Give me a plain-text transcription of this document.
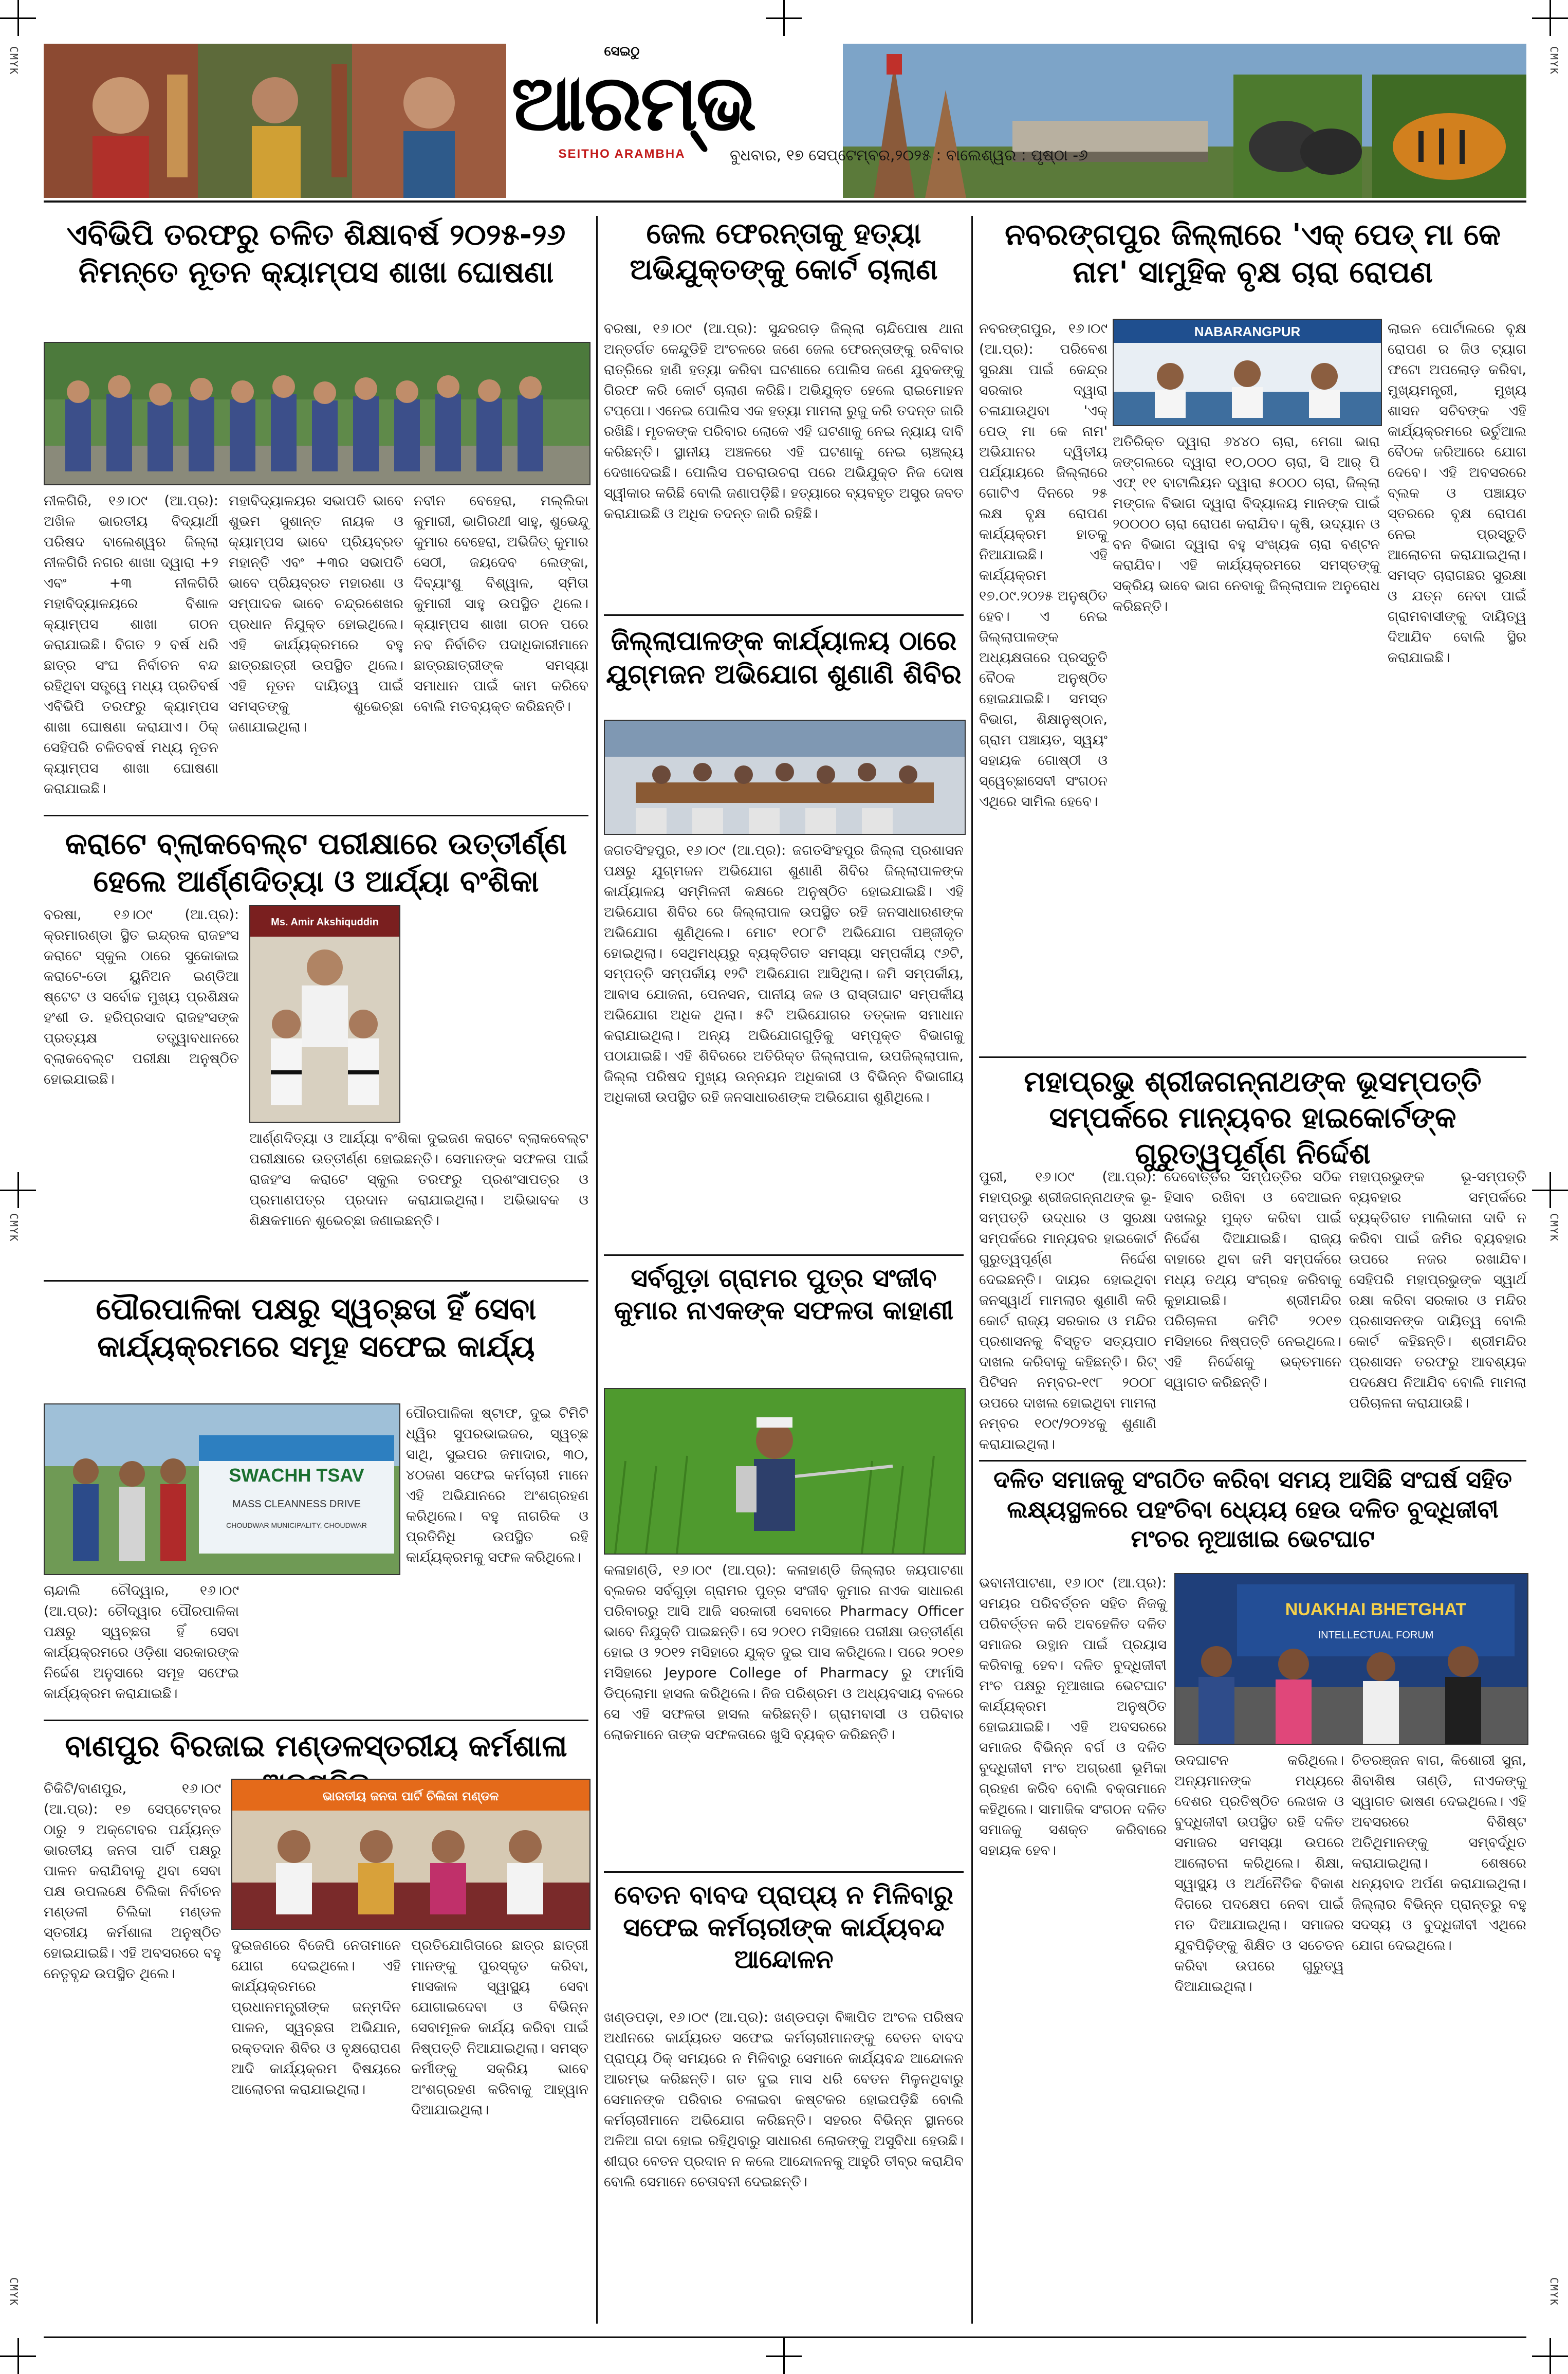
CMYK	CMYK
CMYK	CMYK
CMYK	CMYK
ସେଇଠୁ
ଆରମ୍ଭ
SEITHO ARAMBHA	ବୁଧବାର, ୧୭ ସେପ୍ଟେମ୍ବର,୨୦୨୫ : ବାଲେଶ୍ୱର : ପୃଷ୍ଠା -୬
ଏବିଭିପି ତରଫରୁ ଚଳିତ ଶିକ୍ଷାବର୍ଷ ୨୦୨୫-୨୬ ନିମନ୍ତେ ନୂତନ କ୍ୟାମ୍ପସ ଶାଖା ଘୋଷଣା
ନୀଳଗିରି, ୧୬।୦୯ (ଆ.ପ୍ର): ଅଖିଳ ଭାରତୀୟ ବିଦ୍ୟାର୍ଥୀ ପରିଷଦ ବାଲେଶ୍ୱର ଜିଲ୍ଲା ନୀଳଗିରି ନଗର ଶାଖା ଦ୍ୱାରା +୨ ଏବଂ +୩ ନୀଳଗିରି ମହାବିଦ୍ୟାଳୟରେ ବିଶାଳ କ୍ୟାମ୍ପସ ଶାଖା ଗଠନ କରାଯାଇଛି। ବିଗତ ୨ ବର୍ଷ ଧରି ଛାତ୍ର ସଂଘ ନିର୍ବାଚନ ବନ୍ଦ ରହିଥିବା ସତ୍ତ୍ୱେ ମଧ୍ୟ ପ୍ରତିବର୍ଷ ଏବିଭିପି ତରଫରୁ କ୍ୟାମ୍ପସ ଶାଖା ଘୋଷଣା କରାଯାଏ। ଠିକ୍ ସେହିପରି ଚଳିତବର୍ଷ ମଧ୍ୟ ନୂତନ କ୍ୟାମ୍ପସ ଶାଖା ଘୋଷଣା କରାଯାଇଛି।
ମହାବିଦ୍ୟାଳୟର ସଭାପତି ଭାବେ ଶୁଭମ ସୁଶାନ୍ତ ନାୟକ ଓ କ୍ୟାମ୍ପସ ଭାବେ ପ୍ରିୟବ୍ରତ ମହାନ୍ତି ଏବଂ +୩ର ସଭାପତି ଭାବେ ପ୍ରିୟବ୍ରତ ମହାରଣା ଓ ସମ୍ପାଦକ ଭାବେ ଚନ୍ଦ୍ରଶେଖର ପ୍ରଧାନ ନିଯୁକ୍ତ ହୋଇଥିଲେ। ଏହି କାର୍ଯ୍ୟକ୍ରମରେ ବହୁ ଛାତ୍ରଛାତ୍ରୀ ଉପସ୍ଥିତ ଥିଲେ। ଏହି ନୂତନ ଦାୟିତ୍ୱ ପାଇଁ ସମସ୍ତଙ୍କୁ ଶୁଭେଚ୍ଛା ଜଣାଯାଇଥିଲା।
ନବୀନ ବେହେରା, ମଲ୍ଲିକା କୁମାରୀ, ଭାଗିରଥୀ ସାହୁ, ଶୁଭେନ୍ଦୁ କୁମାର ବେହେରା, ଅଭିଜିତ୍ କୁମାର ସେଠୀ, ଜୟଦେବ ଲେଙ୍କା, ଦିବ୍ୟାଂଶୁ ବିଶ୍ୱାଳ, ସ୍ମିତା କୁମାରୀ ସାହୁ ଉପସ୍ଥିତ ଥିଲେ। କ୍ୟାମ୍ପସ ଶାଖା ଗଠନ ପରେ ନବ ନିର୍ବାଚିତ ପଦାଧିକାରୀମାନେ ଛାତ୍ରଛାତ୍ରୀଙ୍କ ସମସ୍ୟା ସମାଧାନ ପାଇଁ କାମ କରିବେ ବୋଲି ମତବ୍ୟକ୍ତ କରିଛନ୍ତି।
କରାଟେ ବ୍ଲାକବେଲ୍ଟ ପରୀକ୍ଷାରେ ଉତ୍ତୀର୍ଣ୍ଣ ହେଲେ ଆର୍ଣ୍ଣଦିତ୍ୟା ଓ ଆର୍ଯ୍ୟା ବଂଶିକା
ବରଷା, ୧୬।୦୯ (ଆ.ପ୍ର): କ୍ରମାରଣ୍ଡା ସ୍ଥିତ ଇନ୍ଦ୍ରକ ରାଜହଂସ କରାଟେ ସ୍କୁଲ ଠାରେ ସୁକୋକାଇ କରାଟେ-ଡୋ ୟୁନିଅନ ଇଣ୍ଡିଆ ଷ୍ଟେଟ ଓ ସର୍ବୋଚ୍ଚ ମୁଖ୍ୟ ପ୍ରଶିକ୍ଷକ ହଂଶୀ ଡ. ହରିପ୍ରସାଦ ରାଜହଂସଙ୍କ ପ୍ରତ୍ୟକ୍ଷ ତତ୍ତ୍ୱାବଧାନରେ ବ୍ଲାକବେଲ୍ଟ ପରୀକ୍ଷା ଅନୁଷ୍ଠିତ ହୋଇଯାଇଛି।
Ms. Amir Akshiquddin
ଆର୍ଣ୍ଣଦିତ୍ୟା ଓ ଆର୍ଯ୍ୟା ବଂଶିକା ଦୁଇଜଣ କରାଟେ ବ୍ଲାକବେଲ୍ଟ ପରୀକ୍ଷାରେ ଉତ୍ତୀର୍ଣ୍ଣ ହୋଇଛନ୍ତି। ସେମାନଙ୍କ ସଫଳତା ପାଇଁ ରାଜହଂସ କରାଟେ ସ୍କୁଲ ତରଫରୁ ପ୍ରଶଂସାପତ୍ର ଓ ପ୍ରମାଣପତ୍ର ପ୍ରଦାନ କରାଯାଇଥିଲା। ଅଭିଭାବକ ଓ ଶିକ୍ଷକମାନେ ଶୁଭେଚ୍ଛା ଜଣାଇଛନ୍ତି।
ପୌରପାଳିକା ପକ୍ଷରୁ ସ୍ୱଚ୍ଛତା ହିଁ ସେବା କାର୍ଯ୍ୟକ୍ରମରେ ସମୂହ ସଫେଇ କାର୍ଯ୍ୟ
SWACHH TSAV
MASS CLEANNESS DRIVE
CHOUDWAR MUNICIPALITY, CHOUDWAR
ଚାନ୍ଦାଲି ଚୌଦ୍ୱାର, ୧୬।୦୯ (ଆ.ପ୍ର): ଚୌଦ୍ୱାର ପୌରପାଳିକା ପକ୍ଷରୁ ସ୍ୱଚ୍ଛତା ହିଁ ସେବା କାର୍ଯ୍ୟକ୍ରମରେ ଓଡ଼ିଶା ସରକାରଙ୍କ ନିର୍ଦ୍ଦେଶ ଅନୁସାରେ ସମୂହ ସଫେଇ କାର୍ଯ୍ୟକ୍ରମ କରାଯାଇଛି।
ପୌରପାଳିକା ଷ୍ଟାଫ, ଦୁଇ ଟିମିଟି ଧ୍ୱିର ସୁପରଭାଇଜର, ସ୍ୱଚ୍ଛ ସାଥି, ସୁଇପର ଜମାଦାର, ୩୦, ୪୦ଜଣ ସଫେଇ କର୍ମଚାରୀ ମାନେ ଏହି ଅଭିଯାନରେ ଅଂଶଗ୍ରହଣ କରିଥିଲେ। ବହୁ ନାଗରିକ ଓ ପ୍ରତିନିଧି ଉପସ୍ଥିତ ରହି କାର୍ଯ୍ୟକ୍ରମକୁ ସଫଳ କରିଥିଲେ।
ବାଣପୁର ବିରଜାଇ ମଣ୍ଡଳସ୍ତରୀୟ କର୍ମଶାଳା
ଚିକିଟି/ବାଣପୁର, ୧୬।୦୯ (ଆ.ପ୍ର): ୧୭ ସେପ୍ଟେମ୍ବର ଠାରୁ ୨ ଅକ୍ଟୋବର ପର୍ଯ୍ୟନ୍ତ ଭାରତୀୟ ଜନତା ପାର୍ଟି ପକ୍ଷରୁ ପାଳନ କରାଯିବାକୁ ଥିବା ସେବା ପକ୍ଷ ଉପଲକ୍ଷେ ଚିଲିକା ନିର୍ବାଚନ ମଣ୍ଡଳୀ ଚିଲିକା ମଣ୍ଡଳ ସ୍ତରୀୟ କର୍ମଶାଳା ଅନୁଷ୍ଠିତ ହୋଇଯାଇଛି। ଏହି ଅବସରରେ ବହୁ ନେତୃବୃନ୍ଦ ଉପସ୍ଥିତ ଥିଲେ।
ଭାରତୀୟ ଜନତା ପାର୍ଟି ଚିଲିକା ମଣ୍ଡଳ
ଦୁଇଜଣରେ ବିଜେପି ନେତାମାନେ ଯୋଗ ଦେଇଥିଲେ। ଏହି କାର୍ଯ୍ୟକ୍ରମରେ ପ୍ରଧାନମନ୍ତ୍ରୀଙ୍କ ଜନ୍ମଦିନ ପାଳନ, ସ୍ୱଚ୍ଛତା ଅଭିଯାନ, ରକ୍ତଦାନ ଶିବିର ଓ ବୃକ୍ଷରୋପଣ ଆଦି କାର୍ଯ୍ୟକ୍ରମ ବିଷୟରେ ଆଲୋଚନା କରାଯାଇଥିଲା।
ପ୍ରତିଯୋଗିତାରେ ଛାତ୍ର ଛାତ୍ରୀ ମାନଙ୍କୁ ପୁରସ୍କୃତ କରିବା, ମାସକାଳ ସ୍ୱାସ୍ଥ୍ୟ ସେବା ଯୋଗାଇଦେବା ଓ ବିଭିନ୍ନ ସେବାମୂଳକ କାର୍ଯ୍ୟ କରିବା ପାଇଁ ନିଷ୍ପତ୍ତି ନିଆଯାଇଥିଲା। ସମସ୍ତ କର୍ମୀଙ୍କୁ ସକ୍ରିୟ ଭାବେ ଅଂଶଗ୍ରହଣ କରିବାକୁ ଆହ୍ୱାନ ଦିଆଯାଇଥିଲା।
ଜେଲ ଫେରନ୍ତାକୁ ହତ୍ୟା ଅଭିଯୁକ୍ତଙ୍କୁ କୋର୍ଟ ଚାଲାଣ
ବରଷା, ୧୬।୦୯ (ଆ.ପ୍ର): ସୁନ୍ଦରଗଡ଼ ଜିଲ୍ଲା ଚାନ୍ଦିପୋଷ ଥାନା ଅନ୍ତର୍ଗତ କେନ୍ଦୁଡିହି ଅଂଚଳରେ ଜଣେ ଜେଲ ଫେରନ୍ତାଙ୍କୁ ରବିବାର ରାତ୍ରିରେ ହାଣି ହତ୍ୟା କରିବା ଘଟଣାରେ ପୋଲିସ ଜଣେ ଯୁବକଙ୍କୁ ଗିରଫ କରି କୋର୍ଟ ଚାଲାଣ କରିଛି। ଅଭିଯୁକ୍ତ ହେଲେ ରାଇମୋହନ ଟପ୍ପୋ। ଏନେଇ ପୋଲିସ ଏକ ହତ୍ୟା ମାମଲା ରୁଜୁ କରି ତଦନ୍ତ ଜାରି ରଖିଛି। ମୃତକଙ୍କ ପରିବାର ଲୋକେ ଏହି ଘଟଣାକୁ ନେଇ ନ୍ୟାୟ ଦାବି କରିଛନ୍ତି। ସ୍ଥାନୀୟ ଅଞ୍ଚଳରେ ଏହି ଘଟଣାକୁ ନେଇ ଚାଞ୍ଚଲ୍ୟ ଦେଖାଦେଇଛି। ପୋଲିସ ପଚରାଉଚରା ପରେ ଅଭିଯୁକ୍ତ ନିଜ ଦୋଷ ସ୍ୱୀକାର କରିଛି ବୋଲି ଜଣାପଡ଼ିଛି। ହତ୍ୟାରେ ବ୍ୟବହୃତ ଅସ୍ତ୍ର ଜବତ କରାଯାଇଛି ଓ ଅଧିକ ତଦନ୍ତ ଜାରି ରହିଛି।
ଜିଲ୍ଲାପାଳଙ୍କ କାର୍ଯ୍ୟାଳୟ ଠାରେ ଯୁଗ୍ମଜନ ଅଭିଯୋଗ ଶୁଣାଣି ଶିବିର
ଜଗତସିଂହପୁର, ୧୬।୦୯ (ଆ.ପ୍ର): ଜଗତସିଂହପୁର ଜିଲ୍ଲା ପ୍ରଶାସନ ପକ୍ଷରୁ ଯୁଗ୍ମଜନ ଅଭିଯୋଗ ଶୁଣାଣି ଶିବିର ଜିଲ୍ଲାପାଳଙ୍କ କାର୍ଯ୍ୟାଳୟ ସମ୍ମିଳନୀ କକ୍ଷରେ ଅନୁଷ୍ଠିତ ହୋଇଯାଇଛି। ଏହି ଅଭିଯୋଗ ଶିବିର ରେ ଜିଲ୍ଲାପାଳ ଉପସ୍ଥିତ ରହି ଜନସାଧାରଣଙ୍କ ଅଭିଯୋଗ ଶୁଣିଥିଲେ। ମୋଟ ୧୦୮ଟି ଅଭିଯୋଗ ପଞ୍ଜୀକୃତ ହୋଇଥିଲା। ସେଥିମଧ୍ୟରୁ ବ୍ୟକ୍ତିଗତ ସମସ୍ୟା ସମ୍ପର୍କୀୟ ୯୬ଟି, ସମ୍ପତ୍ତି ସମ୍ପର୍କୀୟ ୧୨ଟି ଅଭିଯୋଗ ଆସିଥିଲା। ଜମି ସମ୍ପର୍କୀୟ, ଆବାସ ଯୋଜନା, ପେନସନ, ପାନୀୟ ଜଳ ଓ ରାସ୍ତାଘାଟ ସମ୍ପର୍କୀୟ ଅଭିଯୋଗ ଅଧିକ ଥିଲା। ୫ଟି ଅଭିଯୋଗର ତତ୍କାଳ ସମାଧାନ କରାଯାଇଥିଲା। ଅନ୍ୟ ଅଭିଯୋଗଗୁଡ଼ିକୁ ସମ୍ପୃକ୍ତ ବିଭାଗକୁ ପଠାଯାଇଛି। ଏହି ଶିବିରରେ ଅତିରିକ୍ତ ଜିଲ୍ଲାପାଳ, ଉପଜିଲ୍ଲାପାଳ, ଜିଲ୍ଲା ପରିଷଦ ମୁଖ୍ୟ ଉନ୍ନୟନ ଅଧିକାରୀ ଓ ବିଭିନ୍ନ ବିଭାଗୀୟ ଅଧିକାରୀ ଉପସ୍ଥିତ ରହି ଜନସାଧାରଣଙ୍କ ଅଭିଯୋଗ ଶୁଣିଥିଲେ।
ସର୍ବଗୁଡ଼ା ଗ୍ରାମର ପୁତ୍ର ସଂଜୀବ କୁମାର ନାଏକଙ୍କ ସଫଳତା କାହାଣୀ
କଳାହାଣ୍ଡି, ୧୬।୦୯ (ଆ.ପ୍ର): କଳାହାଣ୍ଡି ଜିଲ୍ଲାର ଜୟପାଟଣା ବ୍ଲକର ସର୍ବଗୁଡ଼ା ଗ୍ରାମର ପୁତ୍ର ସଂଜୀବ କୁମାର ନାଏକ ସାଧାରଣ ପରିବାରରୁ ଆସି ଆଜି ସରକାରୀ ସେବାରେ Pharmacy Officer ଭାବେ ନିଯୁକ୍ତି ପାଇଛନ୍ତି। ସେ ୨୦୧୦ ମସିହାରେ ପରୀକ୍ଷା ଉତ୍ତୀର୍ଣ୍ଣ ହୋଇ ଓ ୨୦୧୨ ମସିହାରେ ଯୁକ୍ତ ଦୁଇ ପାସ କରିଥିଲେ। ପରେ ୨୦୧୭ ମସିହାରେ Jeypore College of Pharmacy ରୁ ଫାର୍ମାସି ଡିପ୍ଲୋମା ହାସଲ କରିଥିଲେ। ନିଜ ପରିଶ୍ରମ ଓ ଅଧ୍ୟବସାୟ ବଳରେ ସେ ଏହି ସଫଳତା ହାସଲ କରିଛନ୍ତି। ଗ୍ରାମବାସୀ ଓ ପରିବାର ଲୋକମାନେ ତାଙ୍କ ସଫଳତାରେ ଖୁସି ବ୍ୟକ୍ତ କରିଛନ୍ତି।
ବେତନ ବାବଦ ପ୍ରାପ୍ୟ ନ ମିଳିବାରୁ ସଫେଇ କର୍ମଚାରୀଙ୍କ କାର୍ଯ୍ୟବନ୍ଦ ଆନ୍ଦୋଳନ
ଖଣ୍ଡପଡ଼ା, ୧୬।୦୯ (ଆ.ପ୍ର): ଖଣ୍ଡପଡ଼ା ବିଜ୍ଞାପିତ ଅଂଚଳ ପରିଷଦ ଅଧୀନରେ କାର୍ଯ୍ୟରତ ସଫେଇ କର୍ମଚାରୀମାନଙ୍କୁ ବେତନ ବାବଦ ପ୍ରାପ୍ୟ ଠିକ୍ ସମୟରେ ନ ମିଳିବାରୁ ସେମାନେ କାର୍ଯ୍ୟବନ୍ଦ ଆନ୍ଦୋଳନ ଆରମ୍ଭ କରିଛନ୍ତି। ଗତ ଦୁଇ ମାସ ଧରି ବେତନ ମିଳୁନଥିବାରୁ ସେମାନଙ୍କ ପରିବାର ଚଳାଇବା କଷ୍ଟକର ହୋଇପଡ଼ିଛି ବୋଲି କର୍ମଚାରୀମାନେ ଅଭିଯୋଗ କରିଛନ୍ତି। ସହରର ବିଭିନ୍ନ ସ୍ଥାନରେ ଅଳିଆ ଗଦା ହୋଇ ରହିଥିବାରୁ ସାଧାରଣ ଲୋକଙ୍କୁ ଅସୁବିଧା ହେଉଛି। ଶୀଘ୍ର ବେତନ ପ୍ରଦାନ ନ କଲେ ଆନ୍ଦୋଳନକୁ ଆହୁରି ତୀବ୍ର କରାଯିବ ବୋଲି ସେମାନେ ଚେତାବନୀ ଦେଇଛନ୍ତି।
ନବରଙ୍ଗପୁର ଜିଲ୍ଲାରେ 'ଏକ୍ ପେଡ୍ ମା କେ ନାମ' ସାମୁହିକ ବୃକ୍ଷ ଚାରା ରୋପଣ
ନବରଙ୍ଗପୁର, ୧୬।୦୯ (ଆ.ପ୍ର): ପରିବେଶ ସୁରକ୍ଷା ପାଇଁ କେନ୍ଦ୍ର ସରକାର ଦ୍ୱାରା ଚଳାଯାଉଥିବା 'ଏକ୍ ପେଡ୍ ମା କେ ନାମ' ଅଭିଯାନର ଦ୍ୱିତୀୟ ପର୍ଯ୍ୟାୟରେ ଜିଲ୍ଲାରେ ଗୋଟିଏ ଦିନରେ ୨୫ ଲକ୍ଷ ବୃକ୍ଷ ରୋପଣ କାର୍ଯ୍ୟକ୍ରମ ହାତକୁ ନିଆଯାଇଛି। ଏହି କାର୍ଯ୍ୟକ୍ରମ ୧୭.୦୯.୨୦୨୫ ଅନୁଷ୍ଠିତ ହେବ। ଏ ନେଇ ଜିଲ୍ଲାପାଳଙ୍କ ଅଧ୍ୟକ୍ଷତାରେ ପ୍ରସ୍ତୁତି ବୈଠକ ଅନୁଷ୍ଠିତ ହୋଇଯାଇଛି। ସମସ୍ତ ବିଭାଗ, ଶିକ୍ଷାନୁଷ୍ଠାନ, ଗ୍ରାମ ପଞ୍ଚାୟତ, ସ୍ୱୟଂ ସହାୟକ ଗୋଷ୍ଠୀ ଓ ସ୍ୱେଚ୍ଛାସେବୀ ସଂଗଠନ ଏଥିରେ ସାମିଲ ହେବେ।
NABARANGPUR
ଅତିରିକ୍ତ ଦ୍ୱାରା ୬୪୪୦ ଚାରା, ମେଗା ଭାରା ଜଙ୍ଗଲରେ ଦ୍ୱାରା ୧୦,୦୦୦ ଚାରା, ସି ଆର୍ ପି ଏଫ୍ ୧୧ ବାଟାଲିୟନ ଦ୍ୱାରା ୫୦୦୦ ଚାରା, ଜିଲ୍ଲା ମଙ୍ଗଳ ବିଭାଗ ଦ୍ୱାରା ବିଦ୍ୟାଳୟ ମାନଙ୍କ ପାଇଁ ୨୦୦୦୦ ଚାରା ରୋପଣ କରାଯିବ। କୃଷି, ଉଦ୍ୟାନ ଓ ବନ ବିଭାଗ ଦ୍ୱାରା ବହୁ ସଂଖ୍ୟକ ଚାରା ବଣ୍ଟନ କରାଯିବ। ଏହି କାର୍ଯ୍ୟକ୍ରମରେ ସମସ୍ତଙ୍କୁ ସକ୍ରିୟ ଭାବେ ଭାଗ ନେବାକୁ ଜିଲ୍ଲାପାଳ ଅନୁରୋଧ କରିଛନ୍ତି।
ଲାଇନ ପୋର୍ଟାଲରେ ବୃକ୍ଷ ରୋପଣ ର ଜିଓ ଟ୍ୟାଗ ଫଟୋ ଅପଲୋଡ଼ କରିବା, ମୁଖ୍ୟମନ୍ତ୍ରୀ, ମୁଖ୍ୟ ଶାସନ ସଚିବଙ୍କ ଏହି କାର୍ଯ୍ୟକ୍ରମରେ ଭର୍ଚୁଆଲ ବୈଠକ ଜରିଆରେ ଯୋଗ ଦେବେ। ଏହି ଅବସରରେ ବ୍ଲକ ଓ ପଞ୍ଚାୟତ ସ୍ତରରେ ବୃକ୍ଷ ରୋପଣ ନେଇ ପ୍ରସ୍ତୁତି ଆଲୋଚନା କରାଯାଇଥିଲା। ସମସ୍ତ ଚାରାଗଛର ସୁରକ୍ଷା ଓ ଯତ୍ନ ନେବା ପାଇଁ ଗ୍ରାମବାସୀଙ୍କୁ ଦାୟିତ୍ୱ ଦିଆଯିବ ବୋଲି ସ୍ଥିର କରାଯାଇଛି।
ମହାପ୍ରଭୁ ଶ୍ରୀଜଗନ୍ନାଥଙ୍କ ଭୂସମ୍ପତ୍ତି ସମ୍ପର୍କରେ ମାନ୍ୟବର ହାଇକୋର୍ଟଙ୍କ ଗୁରୁତ୍ୱପୂର୍ଣ୍ଣ ନିର୍ଦ୍ଦେଶ
ପୁରୀ, ୧୬।୦୯ (ଆ.ପ୍ର): ମହାପ୍ରଭୁ ଶ୍ରୀଜଗନ୍ନାଥଙ୍କ ଭୂ-ସମ୍ପତ୍ତି ଉଦ୍ଧାର ଓ ସୁରକ୍ଷା ସମ୍ପର୍କରେ ମାନ୍ୟବର ହାଇକୋର୍ଟ ଗୁରୁତ୍ୱପୂର୍ଣ୍ଣ ନିର୍ଦ୍ଦେଶ ଦେଇଛନ୍ତି। ଦାୟର ହୋଇଥିବା ଜନସ୍ୱାର୍ଥ ମାମଲାର ଶୁଣାଣି କରି କୋର୍ଟ ରାଜ୍ୟ ସରକାର ଓ ମନ୍ଦିର ପ୍ରଶାସନକୁ ବିସ୍ତୃତ ସତ୍ୟପାଠ ଦାଖଲ କରିବାକୁ କହିଛନ୍ତି। ରିଟ୍ ପିଟିସନ ନମ୍ବର-୧୯୮ ୨୦୦୮ ଉପରେ ଦାଖଲ ହୋଇଥିବା ମାମଲା ନମ୍ବର ୧୦୯/୨୦୨୪କୁ ଶୁଣାଣି କରାଯାଇଥିଲା।
ଦେବୋତ୍ତର ସମ୍ପତ୍ତିର ସଠିକ ହିସାବ ରଖିବା ଓ ବେଆଇନ ଦଖଲରୁ ମୁକ୍ତ କରିବା ପାଇଁ ନିର୍ଦ୍ଦେଶ ଦିଆଯାଇଛି। ରାଜ୍ୟ ବାହାରେ ଥିବା ଜମି ସମ୍ପର୍କରେ ମଧ୍ୟ ତଥ୍ୟ ସଂଗ୍ରହ କରିବାକୁ କୁହାଯାଇଛି। ଶ୍ରୀମନ୍ଦିର ପରିଚାଳନା କମିଟି ୨୦୧୭ ମସିହାରେ ନିଷ୍ପତ୍ତି ନେଇଥିଲେ। ଏହି ନିର୍ଦ୍ଦେଶକୁ ଭକ୍ତମାନେ ସ୍ୱାଗତ କରିଛନ୍ତି।
ମହାପ୍ରଭୁଙ୍କ ଭୂ-ସମ୍ପତ୍ତି ବ୍ୟବହାର ସମ୍ପର୍କରେ ବ୍ୟକ୍ତିଗତ ମାଲିକାନା ଦାବି ନ କରିବା ପାଇଁ ଜମିର ବ୍ୟବହାର ଉପରେ ନଜର ରଖାଯିବ। ସେହିପରି ମହାପ୍ରଭୁଙ୍କ ସ୍ୱାର୍ଥ ରକ୍ଷା କରିବା ସରକାର ଓ ମନ୍ଦିର ପ୍ରଶାସନଙ୍କ ଦାୟିତ୍ୱ ବୋଲି କୋର୍ଟ କହିଛନ୍ତି। ଶ୍ରୀମନ୍ଦିର ପ୍ରଶାସନ ତରଫରୁ ଆବଶ୍ୟକ ପଦକ୍ଷେପ ନିଆଯିବ ବୋଲି ମାମଲା ପରିଚାଳନା କରାଯାଉଛି।
ଦଳିତ ସମାଜକୁ ସଂଗଠିତ କରିବା ସମୟ ଆସିଛି ସଂଘର୍ଷ ସହିତ ଲକ୍ଷ୍ୟସ୍ଥଳରେ ପହଂଚିବା ଧ୍ୟେୟ ହେଉ ଦଳିତ ବୁଦ୍ଧିଜୀବୀ ମଂଚର ନୂଆଖାଇ ଭେଟଘାଟ
ଭବାନୀପାଟଣା, ୧୬।୦୯ (ଆ.ପ୍ର): ସମୟର ପରିବର୍ତ୍ତନ ସହିତ ନିଜକୁ ପରିବର୍ତ୍ତନ କରି ଅବହେଳିତ ଦଳିତ ସମାଜର ଉତ୍ଥାନ ପାଇଁ ପ୍ରୟାସ କରିବାକୁ ହେବ। ଦଳିତ ବୁଦ୍ଧିଜୀବୀ ମଂଚ ପକ୍ଷରୁ ନୂଆଖାଇ ଭେଟଘାଟ କାର୍ଯ୍ୟକ୍ରମ ଅନୁଷ୍ଠିତ ହୋଇଯାଇଛି। ଏହି ଅବସରରେ ସମାଜର ବିଭିନ୍ନ ବର୍ଗ ଓ ଦଳିତ ବୁଦ୍ଧିଜୀବୀ ମଂଚ ଅଗ୍ରଣୀ ଭୂମିକା ଗ୍ରହଣ କରିବ ବୋଲି ବକ୍ତାମାନେ କହିଥିଲେ। ସାମାଜିକ ସଂଗଠନ ଦଳିତ ସମାଜକୁ ସଶକ୍ତ କରିବାରେ ସହାୟକ ହେବ।
NUAKHAI BHETGHAT
INTELLECTUAL FORUM
ଉଦଘାଟନ କରିଥିଲେ। ଅନ୍ୟମାନଙ୍କ ମଧ୍ୟରେ ଦେଶର ପ୍ରତିଷ୍ଠିତ ଲେଖକ ଓ ବୁଦ୍ଧିଜୀବୀ ଉପସ୍ଥିତ ରହି ଦଳିତ ସମାଜର ସମସ୍ୟା ଉପରେ ଆଲୋଚନା କରିଥିଲେ। ଶିକ୍ଷା, ସ୍ୱାସ୍ଥ୍ୟ ଓ ଅର୍ଥନୈତିକ ବିକାଶ ଦିଗରେ ପଦକ୍ଷେପ ନେବା ପାଇଁ ମତ ଦିଆଯାଇଥିଲା। ସମାଜର ଯୁବପିଢ଼ିଙ୍କୁ ଶିକ୍ଷିତ ଓ ସଚେତନ କରିବା ଉପରେ ଗୁରୁତ୍ୱ ଦିଆଯାଇଥିଲା।
ଚିତରଞ୍ଜନ ବାଗ, କିଶୋରୀ ସୁନା, ଶିବାଶିଷ ତାଣ୍ଡି, ନାଏକଙ୍କୁ ସ୍ୱାଗତ ଭାଷଣ ଦେଇଥିଲେ। ଏହି ଅବସରରେ ବିଶିଷ୍ଟ ଅତିଥିମାନଙ୍କୁ ସମ୍ବର୍ଦ୍ଧିତ କରାଯାଇଥିଲା। ଶେଷରେ ଧନ୍ୟବାଦ ଅର୍ପଣ କରାଯାଇଥିଲା। ଜିଲ୍ଲାର ବିଭିନ୍ନ ପ୍ରାନ୍ତରୁ ବହୁ ସଦସ୍ୟ ଓ ବୁଦ୍ଧିଜୀବୀ ଏଥିରେ ଯୋଗ ଦେଇଥିଲେ।
